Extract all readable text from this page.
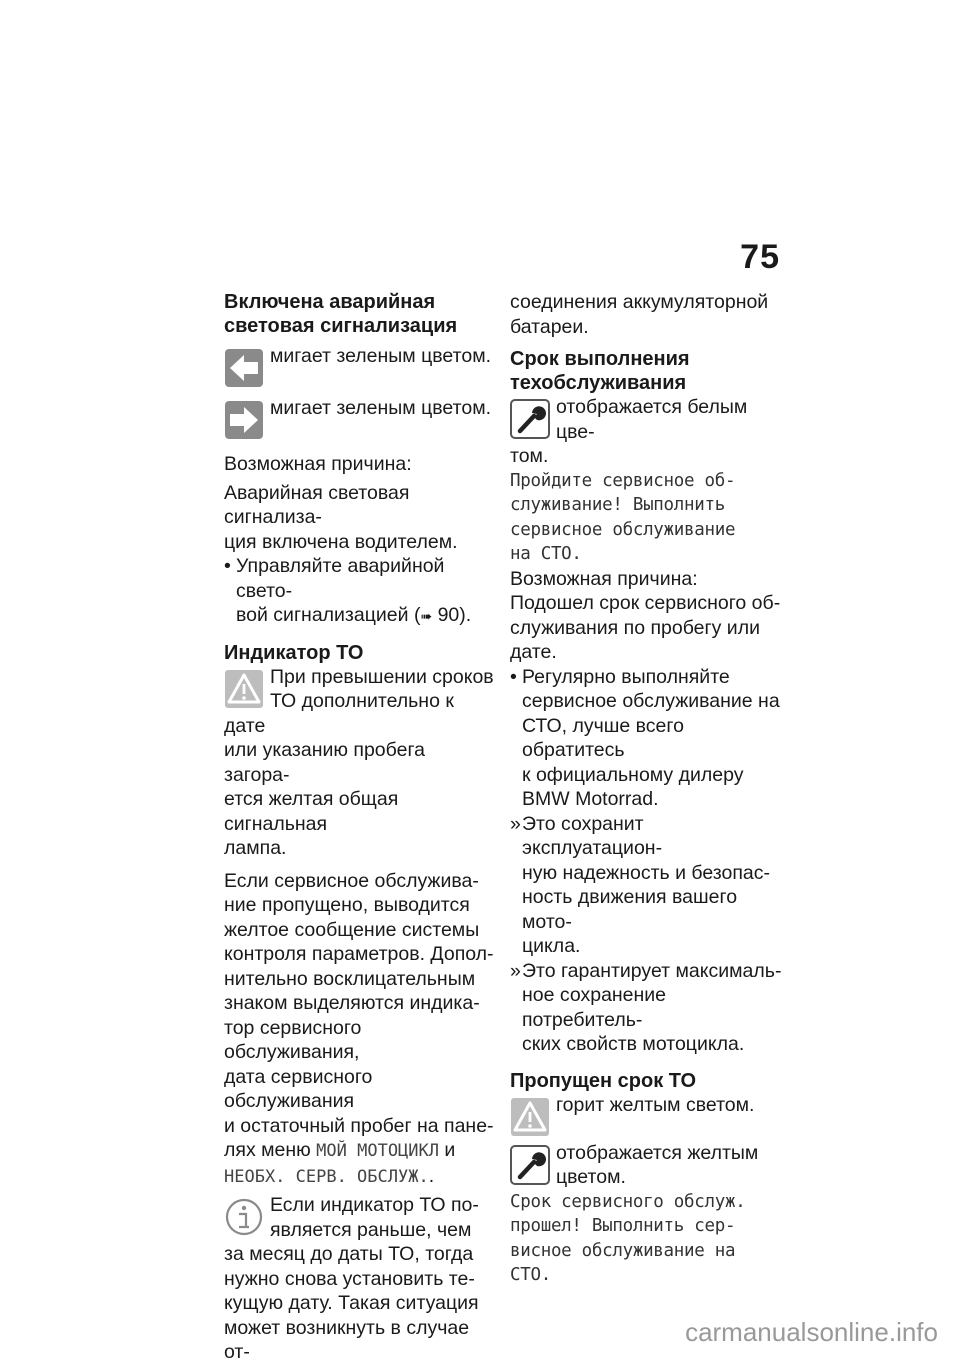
75

Включена аварийная

световая сигнализация

мигает зеленым цветом.

мигает зеленым цветом.

Возможная причина:

Аварийная световая сигнализа-

ция включена водителем.

• Управляйте аварийной свето-

вой сигнализацией (➠ 90).

Индикатор ТО

При превышении сроков

ТО дополнительно к дате

или указанию пробега загора-

ется желтая общая сигнальная

лампа.

Если сервисное обслужива-

ние пропущено, выводится

желтое сообщение системы

контроля параметров. Допол-

нительно восклицательным

знаком выделяются индика-

тор сервисного обслуживания,

дата сервисного обслуживания

и остаточный пробег на пане-

лях меню МОЙ МОТОЦИКЛ и

НЕОБХ. СЕРВ. ОБСЛУЖ..

Если индикатор ТО по-

является раньше, чем

за месяц до даты ТО, тогда

нужно снова установить те-

кущую дату. Такая ситуация

может возникнуть в случае от-

соединения аккумуляторной

батареи.

Срок выполнения

техобслуживания

отображается белым цве-

том.

Пройдите сервисное об-

служивание! Выполнить

сервисное обслуживание

на СТО.

Возможная причина:

Подошел срок сервисного об-

служивания по пробегу или

дате.

• Регулярно выполняйте

сервисное обслуживание на

СТО, лучше всего обратитесь

к официальному дилеру

BMW Motorrad.

» Это сохранит эксплуатацион-

ную надежность и безопас-

ность движения вашего мото-

цикла.

» Это гарантирует максималь-

ное сохранение потребитель-

ских свойств мотоцикла.

Пропущен срок ТО

горит желтым светом.

отображается желтым

цветом.

Срок сервисного обслуж.

прошел! Выполнить сер-

висное обслуживание на

СТО.

carmanualsonline.info
